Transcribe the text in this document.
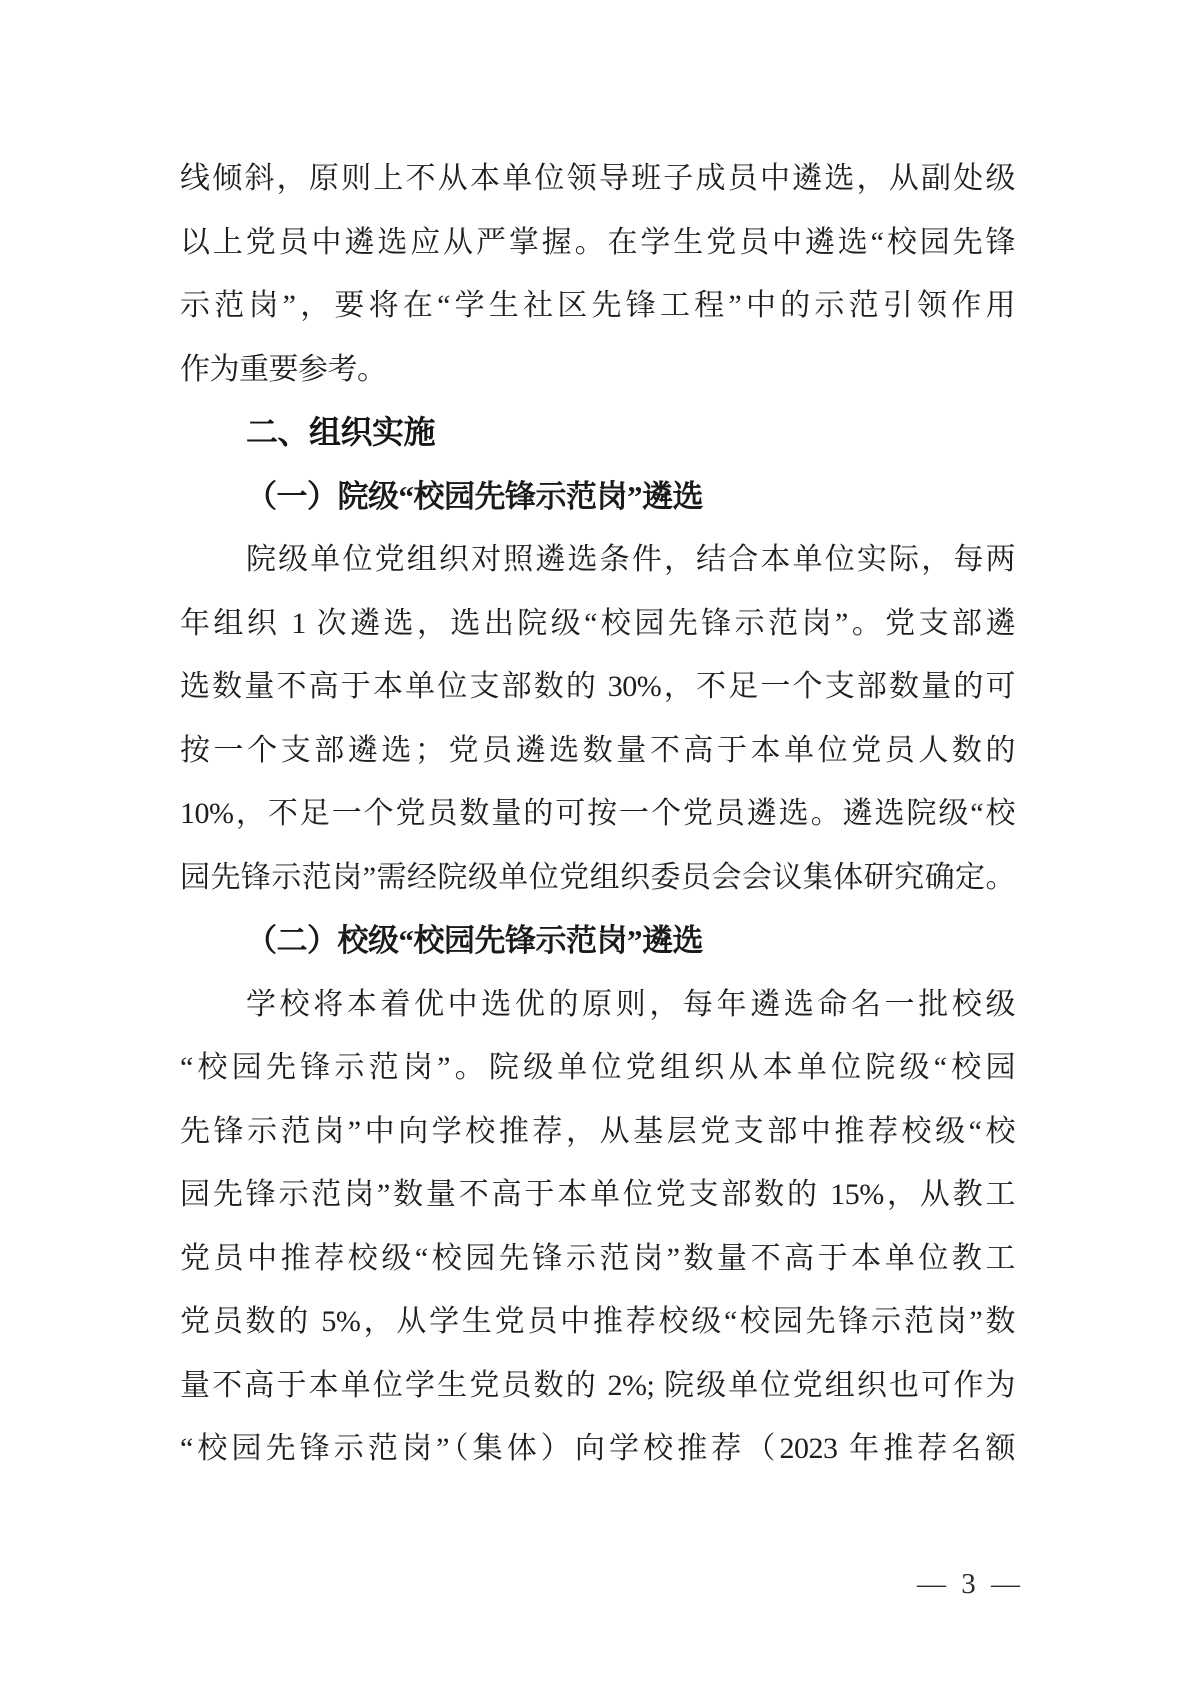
线倾斜，原则上不从本单位领导班子成员中遴选，从副处级
以上党员中遴选应从严掌握。在学生党员中遴选“校园先锋
示范岗”，要将在“学生社区先锋工程”中的示范引领作用
作为重要参考。
二、组织实施
（一）院级“校园先锋示范岗”遴选
院级单位党组织对照遴选条件，结合本单位实际，每两
年组织 1 次遴选，选出院级“校园先锋示范岗”。党支部遴
选数量不高于本单位支部数的 30%，不足一个支部数量的可
按一个支部遴选；党员遴选数量不高于本单位党员人数的
10%，不足一个党员数量的可按一个党员遴选。遴选院级“校
园先锋示范岗”需经院级单位党组织委员会会议集体研究确定。
（二）校级“校园先锋示范岗”遴选
学校将本着优中选优的原则，每年遴选命名一批校级
“校园先锋示范岗”。院级单位党组织从本单位院级“校园
先锋示范岗”中向学校推荐，从基层党支部中推荐校级“校
园先锋示范岗”数量不高于本单位党支部数的 15%，从教工
党员中推荐校级“校园先锋示范岗”数量不高于本单位教工
党员数的 5%，从学生党员中推荐校级“校园先锋示范岗”数
量不高于本单位学生党员数的 2%; 院级单位党组织也可作为
“校园先锋示范岗”（集体）向学校推荐（2023 年推荐名额
— 3 —
